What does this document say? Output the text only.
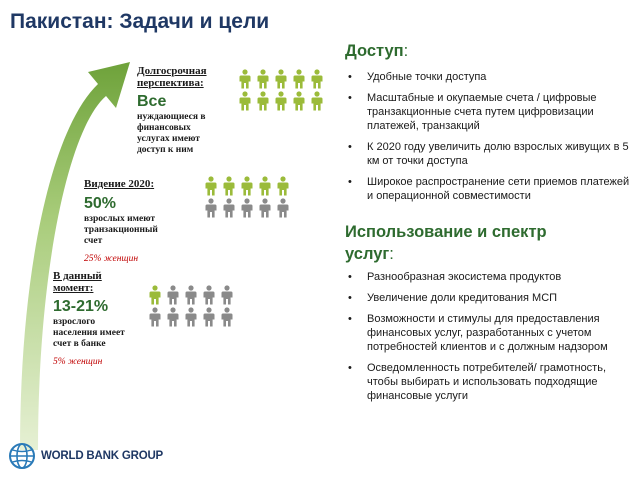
Пакистан: Задачи и цели
Долгосрочная перспектива:
Все
нуждающиеся в
финансовых
услугах имеют
доступ к ним
Видение 2020:
50%
взрослых имеют
транзакционный
счет
25% женщин
В данный
момент:
13-21%
взрослого
населения имеет
счет в банке
5% женщин
Доступ:
• Удобные точки доступа
• Масштабные и окупаемые счета / цифровые транзакционные счета путем цифровизации платежей, транзакций
• К 2020 году увеличить долю взрослых живущих в 5 км от точки доступа
• Широкое распространение сети приемов платежей и операционной совместимости
Использование и спектр
услуг:
• Разнообразная экосистема продуктов
• Увеличение доли кредитования МСП
• Возможности и стимулы для предоставления финансовых услуг, разработанных с учетом потребностей клиентов и с должным надзором
• Осведомленность потребителей/ грамотность, чтобы выбирать и использовать подходящие финансовые услуги
WORLD BANK GROUP
